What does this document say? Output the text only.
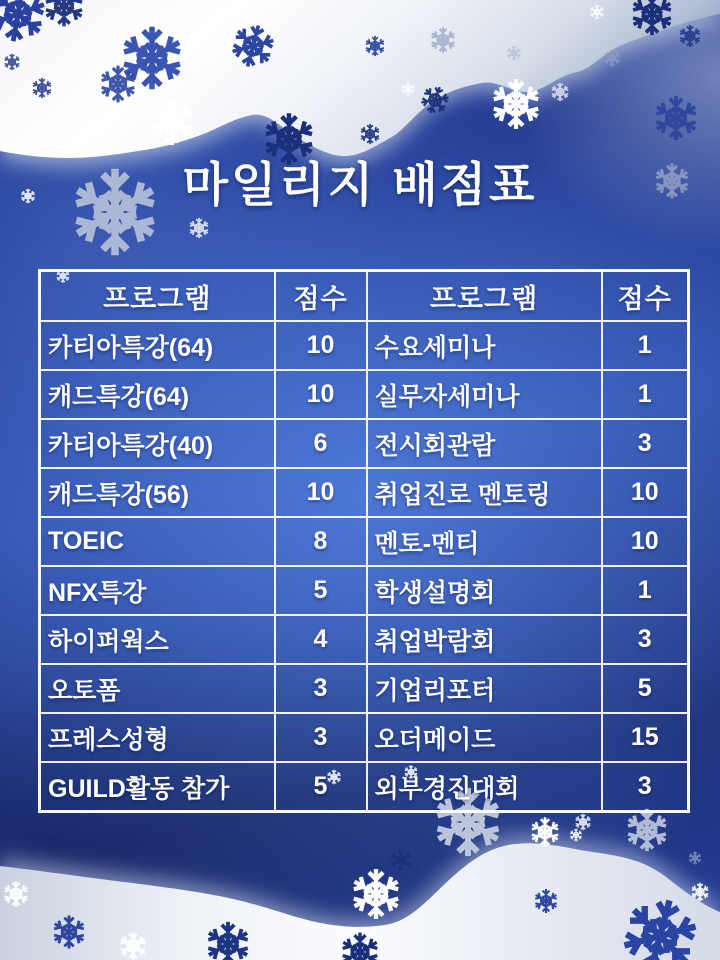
마일리지 배점표
프로그램	점수	프로그램	점수
카티아특강(64)	10	수요세미나	1
캐드특강(64)	10	실무자세미나	1
카티아특강(40)	6	전시회관람	3
캐드특강(56)	10	취업진로 멘토링	10
TOEIC	8	멘토-멘티	10
NFX특강	5	학생설명회	1
하이퍼웍스	4	취업박람회	3
오토폼	3	기업리포터	5
프레스성형	3	오더메이드	15
GUILD활동 참가	5	외부경진대회	3
